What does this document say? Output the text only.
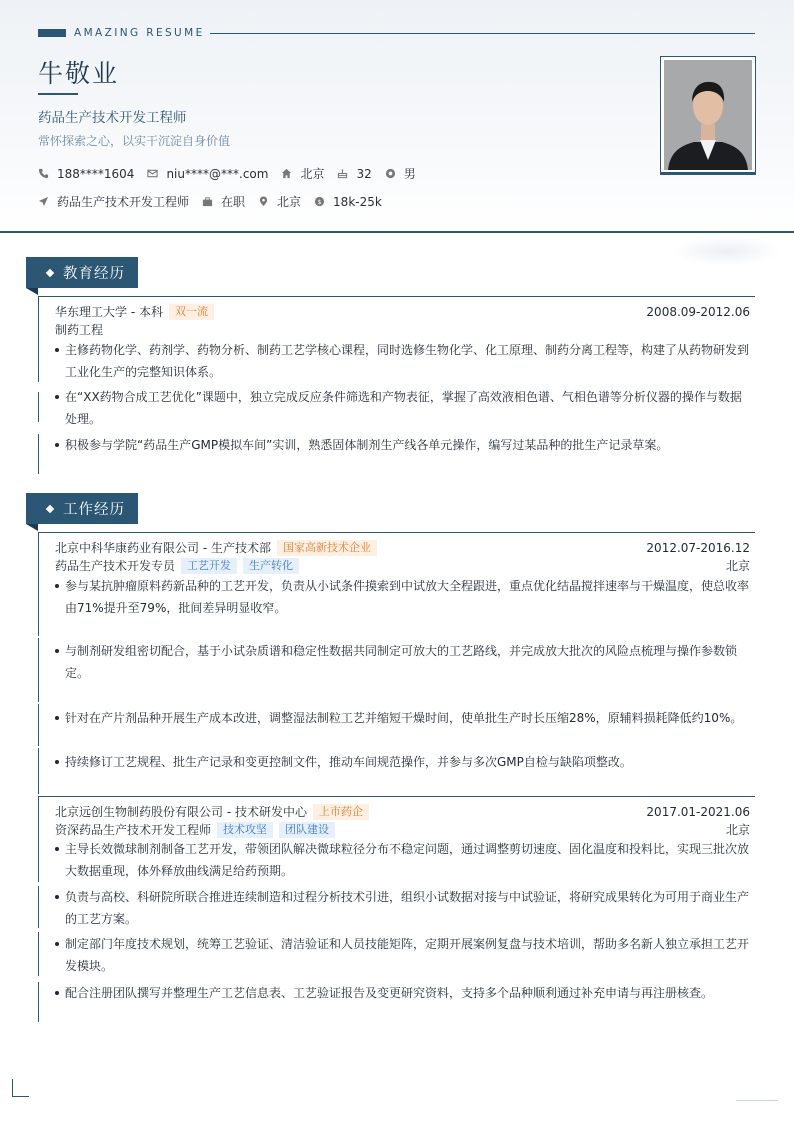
AMAZING RESUME
牛敬业
药品生产技术开发工程师
常怀探索之心，以实干沉淀自身价值
188****1604	niu****@***.com	北京	32	男
药品生产技术开发工程师	在职	北京 $ 18k-25k
教育经历
华东理工大学 - 本科	双一流	2008.09-2012.06
制药工程
主修药物化学、药剂学、药物分析、制药工艺学核心课程，同时选修生物化学、化工原理、制药分离工程等，构建了从药物研发到工业化生产的完整知识体系。
在“XX药物合成工艺优化”课题中，独立完成反应条件筛选和产物表征，掌握了高效液相色谱、气相色谱等分析仪器的操作与数据处理。
积极参与学院“药品生产GMP模拟车间”实训，熟悉固体制剂生产线各单元操作，编写过某品种的批生产记录草案。
工作经历
北京中科华康药业有限公司 - 生产技术部	国家高新技术企业	2012.07-2016.12
药品生产技术开发专员	工艺开发	生产转化	北京
参与某抗肿瘤原料药新品种的工艺开发，负责从小试条件摸索到中试放大全程跟进，重点优化结晶搅拌速率与干燥温度，使总收率由71%提升至79%，批间差异明显收窄。
与制剂研发组密切配合，基于小试杂质谱和稳定性数据共同制定可放大的工艺路线，并完成放大批次的风险点梳理与操作参数锁定。
针对在产片剂品种开展生产成本改进，调整湿法制粒工艺并缩短干燥时间，使单批生产时长压缩28%，原辅料损耗降低约10%。
持续修订工艺规程、批生产记录和变更控制文件，推动车间规范操作，并参与多次GMP自检与缺陷项整改。
北京远创生物制药股份有限公司 - 技术研发中心	上市药企	2017.01-2021.06
资深药品生产技术开发工程师	技术攻坚	团队建设	北京
主导长效微球制剂制备工艺开发，带领团队解决微球粒径分布不稳定问题，通过调整剪切速度、固化温度和投料比，实现三批次放大数据重现，体外释放曲线满足给药预期。
负责与高校、科研院所联合推进连续制造和过程分析技术引进，组织小试数据对接与中试验证，将研究成果转化为可用于商业生产的工艺方案。
制定部门年度技术规划，统筹工艺验证、清洁验证和人员技能矩阵，定期开展案例复盘与技术培训，帮助多名新人独立承担工艺开发模块。
配合注册团队撰写并整理生产工艺信息表、工艺验证报告及变更研究资料，支持多个品种顺利通过补充申请与再注册核查。
